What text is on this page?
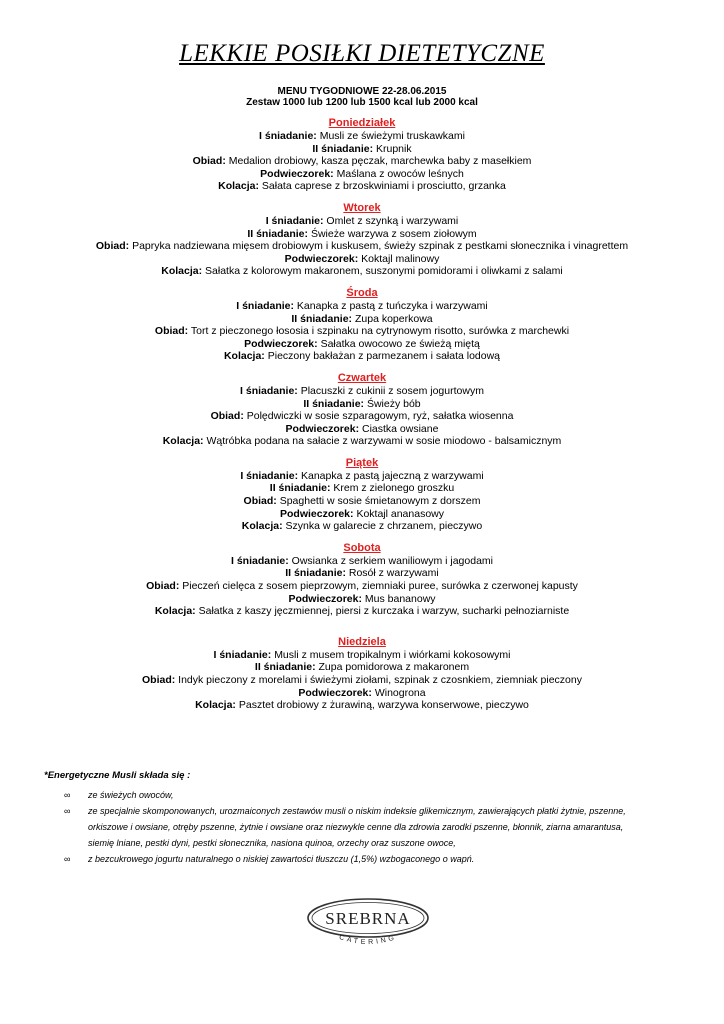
LEKKIE POSIŁKI DIETETYCZNE
MENU TYGODNIOWE 22-28.06.2015
Zestaw 1000 lub 1200 lub 1500 kcal lub 2000 kcal
Poniedziałek
I śniadanie: Musli ze świeżymi truskawkami
II śniadanie: Krupnik
Obiad: Medalion drobiowy, kasza pęczak, marchewka baby z masełkiem
Podwieczorek: Maślana z owoców leśnych
Kolacja: Sałata caprese z brzoskwiniami i prosciutto, grzanka
Wtorek
I śniadanie: Omlet z szynką i warzywami
II śniadanie: Świeże warzywa z sosem ziołowym
Obiad: Papryka nadziewana mięsem drobiowym i kuskusem, świeży szpinak z pestkami słonecznika i vinagrettem
Podwieczorek: Koktajl malinowy
Kolacja: Sałatka z kolorowym makaronem, suszonymi pomidorami i oliwkami z salami
Środa
I śniadanie: Kanapka z pastą z tuńczyka i warzywami
II śniadanie: Zupa koperkowa
Obiad: Tort z pieczonego łososia i szpinaku na cytrynowym risotto, surówka z marchewki
Podwieczorek: Sałatka owocowo ze świeżą miętą
Kolacja: Pieczony bakłażan z parmezanem i sałata lodową
Czwartek
I śniadanie: Placuszki z cukinii z sosem jogurtowym
II śniadanie: Świeży bób
Obiad: Polędwiczki w sosie szparagowym, ryż, sałatka wiosenna
Podwieczorek: Ciastka owsiane
Kolacja: Wątróbka podana na sałacie z warzywami w sosie miodowo - balsamicznym
Piątek
I śniadanie: Kanapka z pastą jajeczną z warzywami
II śniadanie: Krem z zielonego groszku
Obiad: Spaghetti w sosie śmietanowym z dorszem
Podwieczorek: Koktajl ananasowy
Kolacja: Szynka w galarecie z chrzanem, pieczywo
Sobota
I śniadanie: Owsianka z serkiem waniliowym i jagodami
II śniadanie: Rosół z warzywami
Obiad: Pieczeń cielęca z sosem pieprzowym, ziemniaki puree, surówka z czerwonej kapusty
Podwieczorek: Mus bananowy
Kolacja: Sałatka z kaszy jęczmiennej, piersi z kurczaka i warzyw, sucharki pełnoziarniste
Niedziela
I śniadanie: Musli z musem tropikalnym i wiórkami kokosowymi
II śniadanie: Zupa pomidorowa z makaronem
Obiad: Indyk pieczony z morelami i świeżymi ziołami, szpinak z czosnkiem, ziemniak pieczony
Podwieczorek: Winogrona
Kolacja: Pasztet drobiowy z żurawiną, warzywa konserwowe, pieczywo
*Energetyczne Musli składa się :
∞ ze świeżych owoców,
∞ ze specjalnie skomponowanych, urozmaiconych zestawów musli o niskim indeksie glikemicznym, zawierających płatki żytnie, pszenne,
orkiszowe i owsiane, otręby pszenne, żytnie i owsiane oraz niezwykle cenne dla zdrowia zarodki pszenne, błonnik, ziarna amarantusa,
siemię lniane, pestki dyni, pestki słonecznika, nasiona quinoa, orzechy oraz suszone owoce,
∞ z bezcukrowego jogurtu naturalnego o niskiej zawartości tłuszczu (1,5%) wzbogaconego o wapń.
SREBRNA
CATERING
